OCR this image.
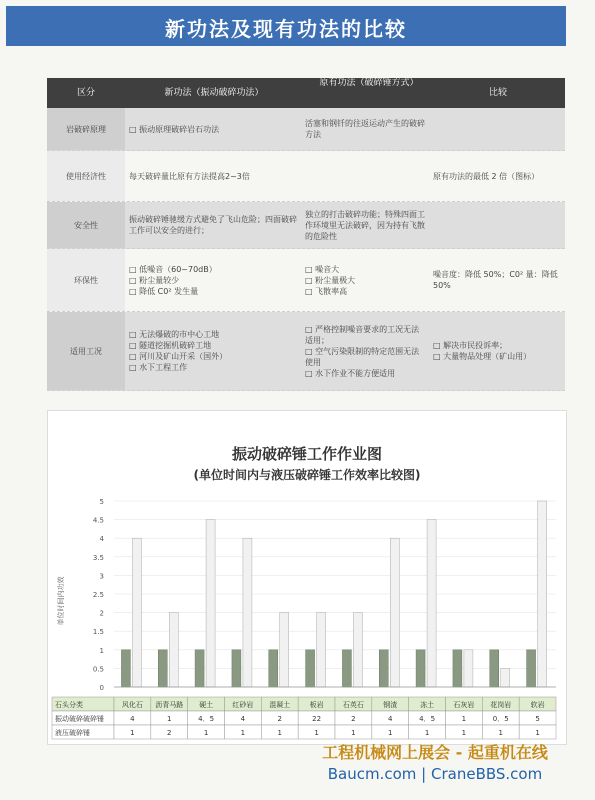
新功法及现有功法的比较
区分	新功法（振动破碎功法）
原有功法（破碎锤方式）
比较
岩破碎原理
□	振动原理破碎岩石功法
活塞和钢钎的往返运动产生的破碎方法
使用经济性	每天破碎量比原有方法提高2~3倍	原有功法的最低 2 倍（图标）
安全性
振动破碎锤驰缓方式避免了飞山危险；四面破碎工作可以安全的进行；
独立的打击破碎功能；特殊四面工作环境里无法破碎，因为持有飞散的危险性
环保性
□ 低噪音（60~70dB）
□ 粉尘量较少
□ 降低 C0² 发生量
□ 噪音大
□ 粉尘量极大
□ 飞散率高
噪音度：降低 50%；C0² 量：降低 50%
适用工况
□ 无法爆破的市中心工地
□ 隧道挖掘机破碎工地
□ 河川及矿山开采（国外）
□ 水下工程工作
□ 严格控制噪音要求的工况无法适用；
□ 空气污染限制的特定范围无法使用
□ 水下作业不能方便适用
□ 解决市民投诉率；
□ 大量物品处理（矿山用）
振动破碎锤工作作业图
(单位时间内与液压破碎锤工作效率比较图)
0
0.5
1
1.5
2
2.5
3
3.5
4
4.5
5
单位时间内功效
石头分类	风化石 沥青马路 硬土	红砂岩 混凝土	板岩	石英石	钢渣	冻土	石灰岩 花岗岩	软岩
振动破碎破碎锤	4	1	4．5	4	2	22	2	4	4．5	1	0．5	5
液压破碎锤	1	2	1	1	1	1	1	1	1	1	1	1
工程机械网上展会 - 起重机在线
Baucm.com | CraneBBS.com
